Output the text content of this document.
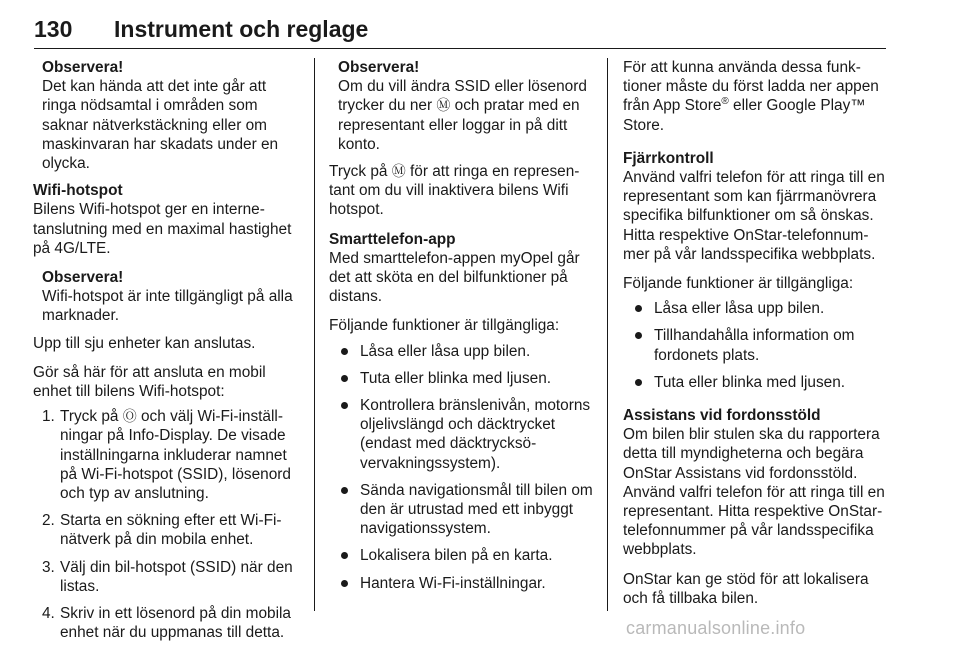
130 Instrument och reglage
Observera!
Det kan hända att det inte går att ringa nödsamtal i områden som saknar nätverkstäckning eller om maskinvaran har skadats under en olycka.

Wifi-hotspot
Bilens Wifi-hotspot ger en internetanslutning med en maximal hastighet på 4G/LTE.

Observera!
Wifi-hotspot är inte tillgängligt på alla marknader.

Upp till sju enheter kan anslutas.

Gör så här för att ansluta en mobil enhet till bilens Wifi-hotspot:

1. Tryck på Ⓞ och välj Wi-Fi-inställningar på Info-Display. De visade inställningarna inkluderar namnet på Wi-Fi-hotspot (SSID), lösenord och typ av anslutning.
2. Starta en sökning efter ett Wi-Fi-nätverk på din mobila enhet.
3. Välj din bil-hotspot (SSID) när den listas.
4. Skriv in ett lösenord på din mobila enhet när du uppmanas till detta.
Observera!
Om du vill ändra SSID eller lösenord trycker du ner Ⓜ och pratar med en representant eller loggar in på ditt konto.

Tryck på Ⓜ för att ringa en representant om du vill inaktivera bilens Wifi hotspot.

Smarttelefon-app
Med smarttelefon-appen myOpel går det att sköta en del bilfunktioner på distans.

Följande funktioner är tillgängliga:

Låsa eller låsa upp bilen.
Tuta eller blinka med ljusen.
Kontrollera bränslenivån, motorns oljelivslängd och däcktrycket (endast med däcktrycksövervakningssystem).
Sända navigationsmål till bilen om den är utrustad med ett inbyggt navigationssystem.
Lokalisera bilen på en karta.
Hantera Wi-Fi-inställningar.

För att kunna använda dessa funktioner måste du först ladda ner appen från App Store® eller Google Play™ Store.

Fjärrkontroll
Använd valfri telefon för att ringa till en representant som kan fjärrmanövrera specifika bilfunktioner om så önskas. Hitta respektive OnStar-telefonnummer på vår landsspecifika webbplats.

Följande funktioner är tillgängliga:

Låsa eller låsa upp bilen.
Tillhandahålla information om fordonets plats.
Tuta eller blinka med ljusen.

Assistans vid fordonsstöld
Om bilen blir stulen ska du rapportera detta till myndigheterna och begära OnStar Assistans vid fordonsstöld. Använd valfri telefon för att ringa till en representant. Hitta respektive OnStar-telefonnummer på vår landsspecifika webbplats.

OnStar kan ge stöd för att lokalisera och få tillbaka bilen.

carmanualsonline.info
